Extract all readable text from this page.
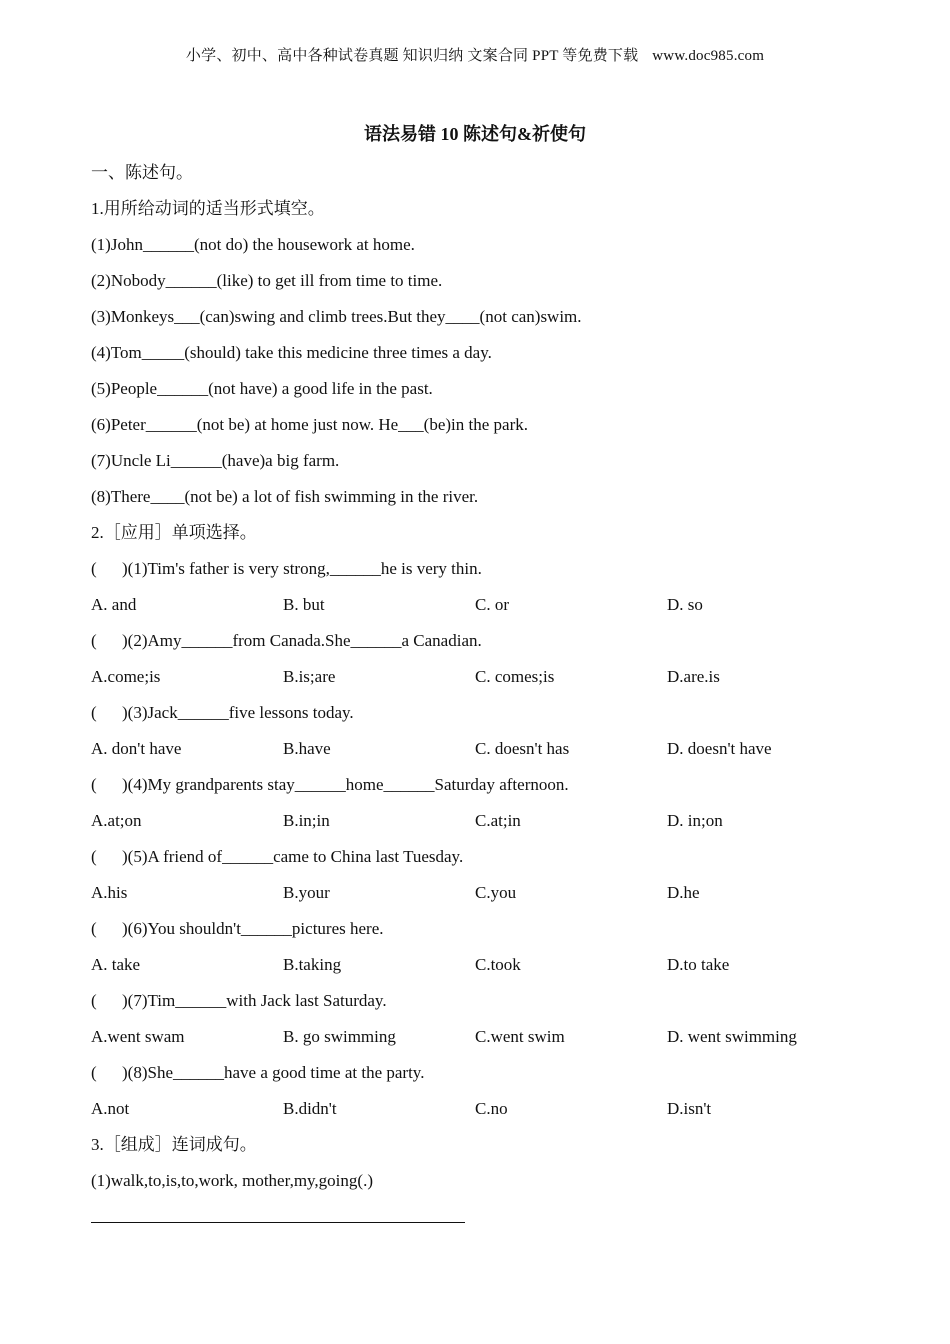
小学、初中、高中各种试卷真题 知识归纳 文案合同 PPT 等免费下载 www.doc985.com
语法易错 10 陈述句&祈使句
一、陈述句。
1.用所给动词的适当形式填空。
(1)John______(not do) the housework at home.
(2)Nobody______(like) to get ill from time to time.
(3)Monkeys___(can)swing and climb trees.But they____(not can)swim.
(4)Tom_____(should) take this medicine three times a day.
(5)People______(not have) a good life in the past.
(6)Peter______(not be) at home just now. He___(be)in the park.
(7)Uncle Li______(have)a big farm.
(8)There____(not be) a lot of fish swimming in the river.
2.［应用］单项选择。
( )(1)Tim's father is very strong,______he is very thin.
A. and	B. but	C. or	D. so
( )(2)Amy______from Canada.She______a Canadian.
A.come;is	B.is;are	C. comes;is	D.are.is
( )(3)Jack______five lessons today.
A. don't have	B.have	C. doesn't has	D. doesn't have
( )(4)My grandparents stay______home______Saturday afternoon.
A.at;on	B.in;in	C.at;in	D. in;on
( )(5)A friend of______came to China last Tuesday.
A.his	B.your	C.you	D.he
( )(6)You shouldn't______pictures here.
A. take	B.taking	C.took	D.to take
( )(7)Tim______with Jack last Saturday.
A.went swam	B. go swimming	C.went swim	D. went swimming
( )(8)She______have a good time at the party.
A.not	B.didn't	C.no	D.isn't
3.［组成］连词成句。
(1)walk,to,is,to,work, mother,my,going(.)
